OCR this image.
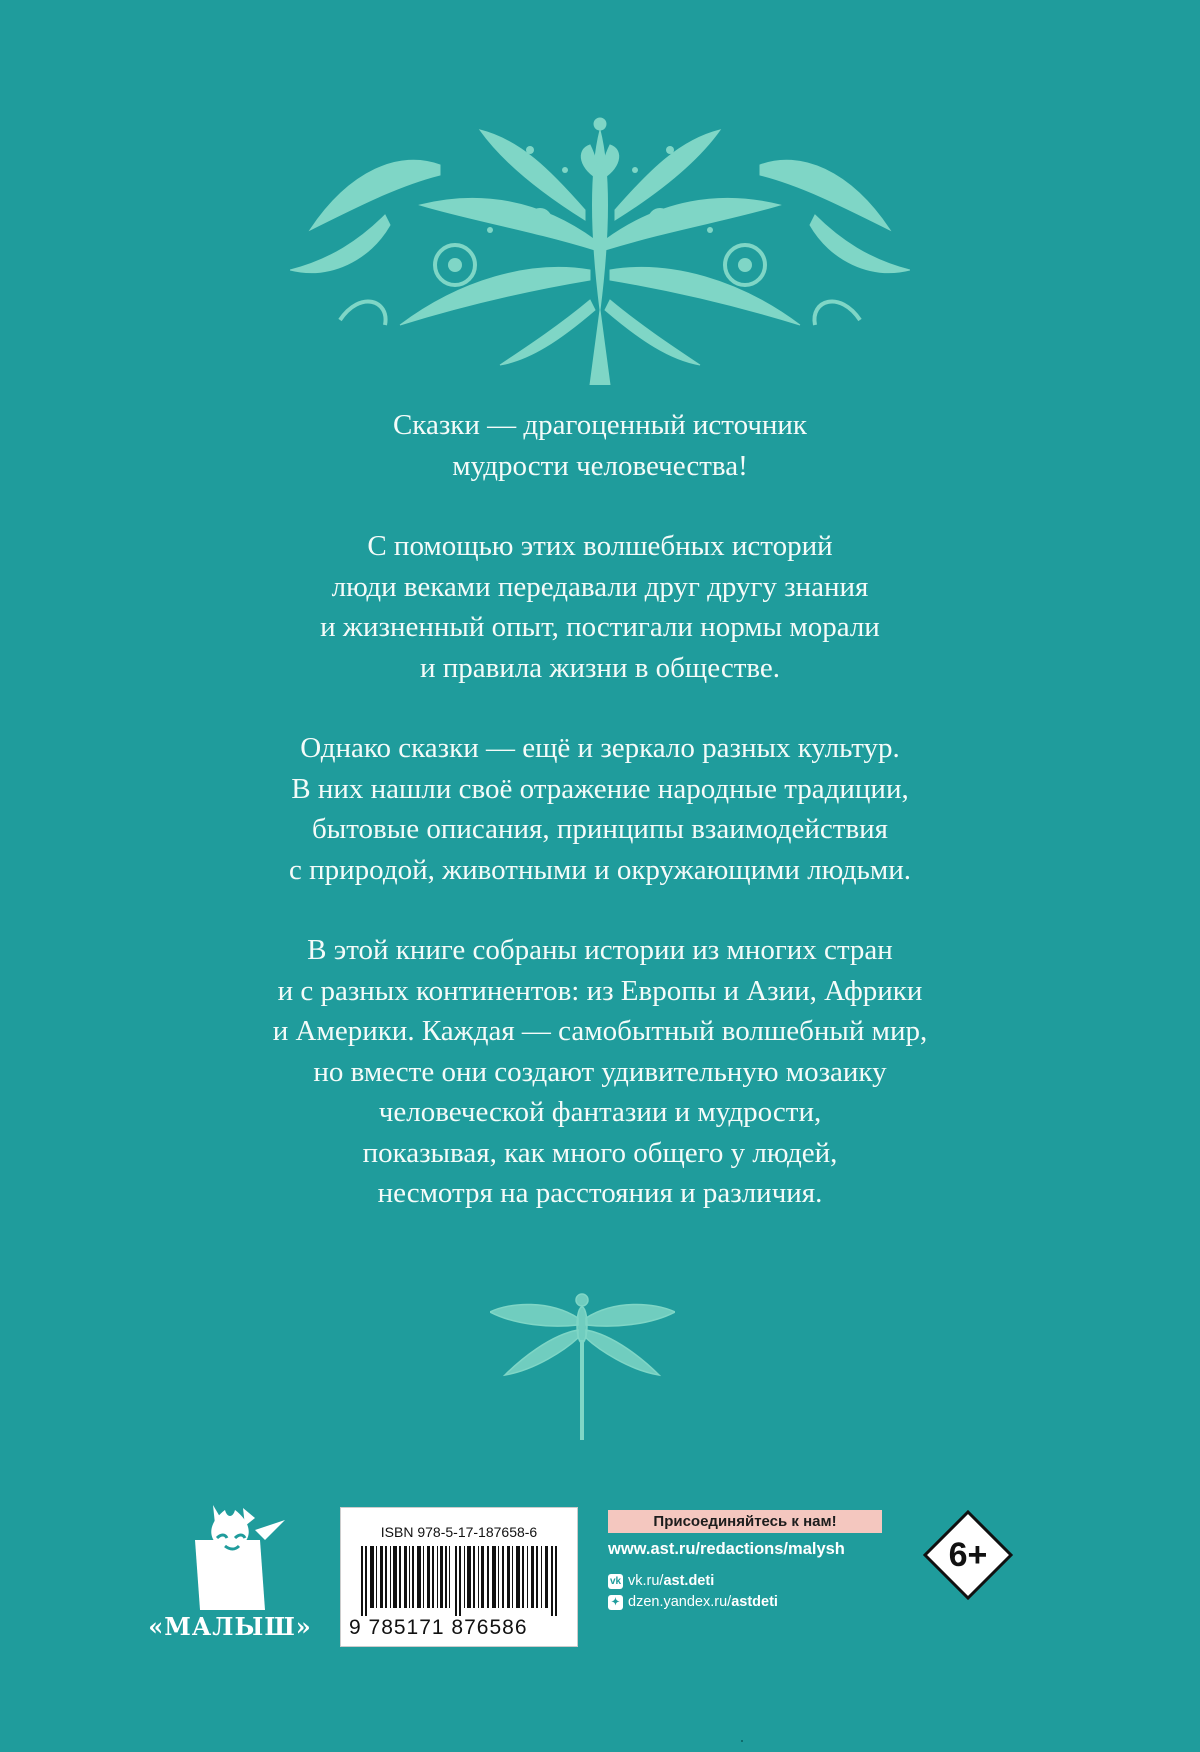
Сказки — драгоценный источник
мудрости человечества!

С помощью этих волшебных историй
люди веками передавали друг другу знания
и жизненный опыт, постигали нормы морали
и правила жизни в обществе.

Однако сказки — ещё и зеркало разных культур.
В них нашли своё отражение народные традиции,
бытовые описания, принципы взаимодействия
с природой, животными и окружающими людьми.

В этой книге собраны истории из многих стран
и с разных континентов: из Европы и Азии, Африки
и Америки. Каждая — самобытный волшебный мир,
но вместе они создают удивительную мозаику
человеческой фантазии и мудрости,
показывая, как много общего у людей,
несмотря на расстояния и различия.

«МАЛЫШ»
ISBN 978-5-17-187658-6
9 785171 876586
Присоединяйтесь к нам!
www.ast.ru/redactions/malysh
vk vk.ru/ast.deti
✦ dzen.yandex.ru/astdeti
6+
